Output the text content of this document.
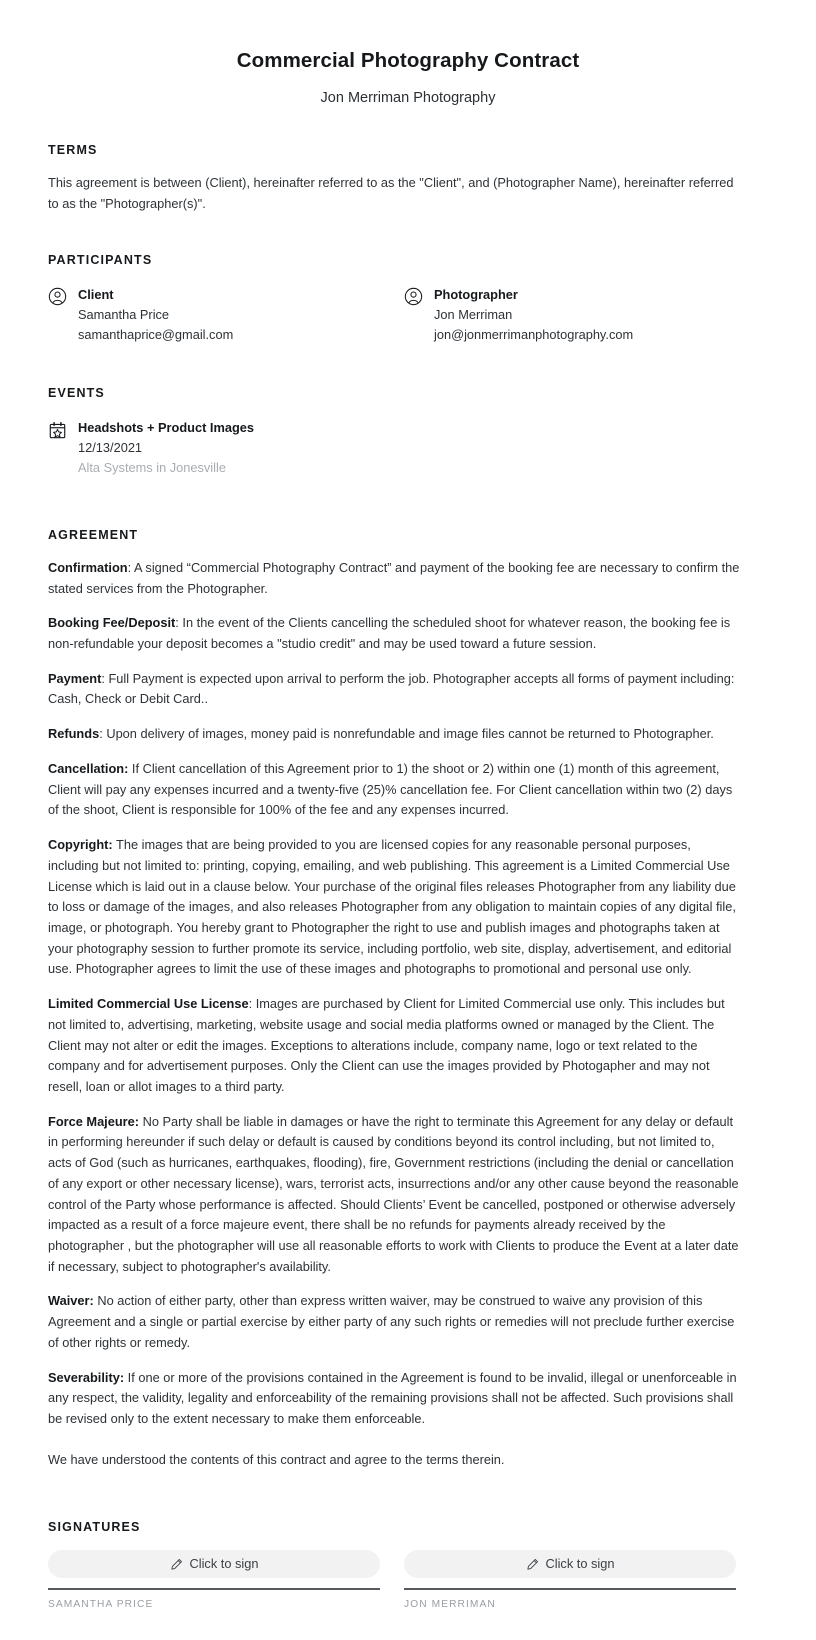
Commercial Photography Contract
Jon Merriman Photography
TERMS
This agreement is between (Client), hereinafter referred to as the "Client", and (Photographer Name), hereinafter referred to as the "Photographer(s)".
PARTICIPANTS
Client
Samantha Price
samanthaprice@gmail.com
Photographer
Jon Merriman
jon@jonmerrimanphotography.com
EVENTS
Headshots + Product Images
12/13/2021
Alta Systems in Jonesville
AGREEMENT

Confirmation: A signed “Commercial Photography Contract” and payment of the booking fee are necessary to confirm the stated services from the Photographer.

Booking Fee/Deposit: In the event of the Clients cancelling the scheduled shoot for whatever reason, the booking fee is non-refundable your deposit becomes a "studio credit" and may be used toward a future session.

Payment: Full Payment is expected upon arrival to perform the job. Photographer accepts all forms of payment including: Cash, Check or Debit Card..

Refunds: Upon delivery of images, money paid is nonrefundable and image files cannot be returned to Photographer.

Cancellation: If Client cancellation of this Agreement prior to 1) the shoot or 2) within one (1) month of this agreement, Client will pay any expenses incurred and a twenty-five (25)% cancellation fee. For Client cancellation within two (2) days of the shoot, Client is responsible for 100% of the fee and any expenses incurred.

Copyright: The images that are being provided to you are licensed copies for any reasonable personal purposes, including but not limited to: printing, copying, emailing, and web publishing. This agreement is a Limited Commercial Use License which is laid out in a clause below. Your purchase of the original files releases Photographer from any liability due to loss or damage of the images, and also releases Photographer from any obligation to maintain copies of any digital file, image, or photograph. You hereby grant to Photographer the right to use and publish images and photographs taken at your photography session to further promote its service, including portfolio, web site, display, advertisement, and editorial use. Photographer agrees to limit the use of these images and photographs to promotional and personal use only.

Limited Commercial Use License: Images are purchased by Client for Limited Commercial use only. This includes but not limited to, advertising, marketing, website usage and social media platforms owned or managed by the Client. The Client may not alter or edit the images. Exceptions to alterations include, company name, logo or text related to the company and for advertisement purposes. Only the Client can use the images provided by Photogapher and may not resell, loan or allot images to a third party.

Force Majeure: No Party shall be liable in damages or have the right to terminate this Agreement for any delay or default in performing hereunder if such delay or default is caused by conditions beyond its control including, but not limited to, acts of God (such as hurricanes, earthquakes, flooding), fire, Government restrictions (including the denial or cancellation of any export or other necessary license), wars, terrorist acts, insurrections and/or any other cause beyond the reasonable control of the Party whose performance is affected. Should Clients’ Event be cancelled, postponed or otherwise adversely impacted as a result of a force majeure event, there shall be no refunds for payments already received by the photographer , but the photographer will use all reasonable efforts to work with Clients to produce the Event at a later date if necessary, subject to photographer's availability.

Waiver: No action of either party, other than express written waiver, may be construed to waive any provision of this Agreement and a single or partial exercise by either party of any such rights or remedies will not preclude further exercise of other rights or remedy.

Severability: If one or more of the provisions contained in the Agreement is found to be invalid, illegal or unenforceable in any respect, the validity, legality and enforceability of the remaining provisions shall not be affected. Such provisions shall be revised only to the extent necessary to make them enforceable.

We have understood the contents of this contract and agree to the terms therein.

SIGNATURES
Click to sign
SAMANTHA PRICE
Click to sign
JON MERRIMAN
